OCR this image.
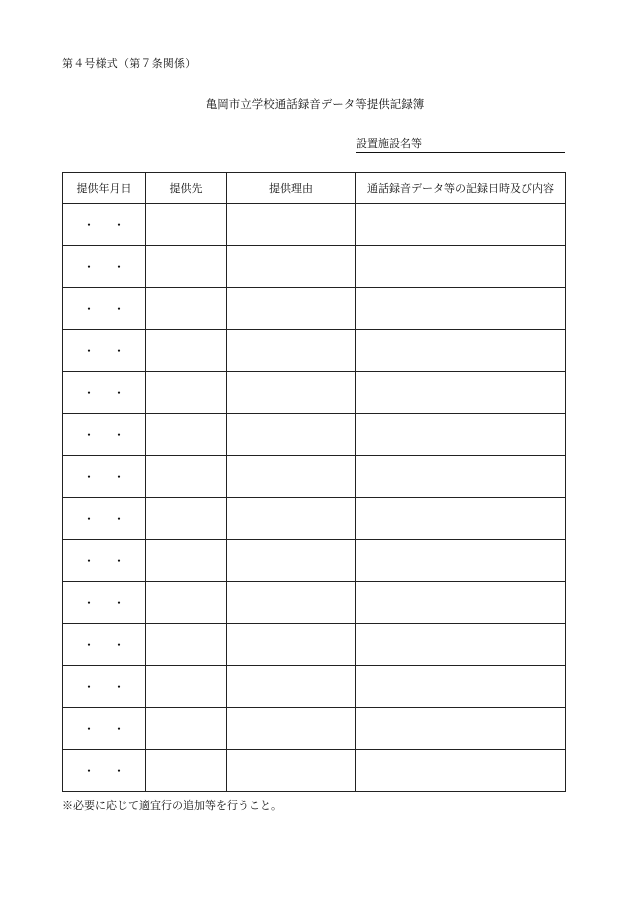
第４号様式（第７条関係）
亀岡市立学校通話録音データ等提供記録簿
設置施設名等
提供年月日	提供先	提供理由	通話録音データ等の記録日時及び内容

・ ・			

・ ・			

・ ・			

・ ・			

・ ・			

・ ・			

・ ・			

・ ・			

・ ・			

・ ・			

・ ・			

・ ・			

・ ・			

・ ・			

※必要に応じて適宜行の追加等を行うこと。
